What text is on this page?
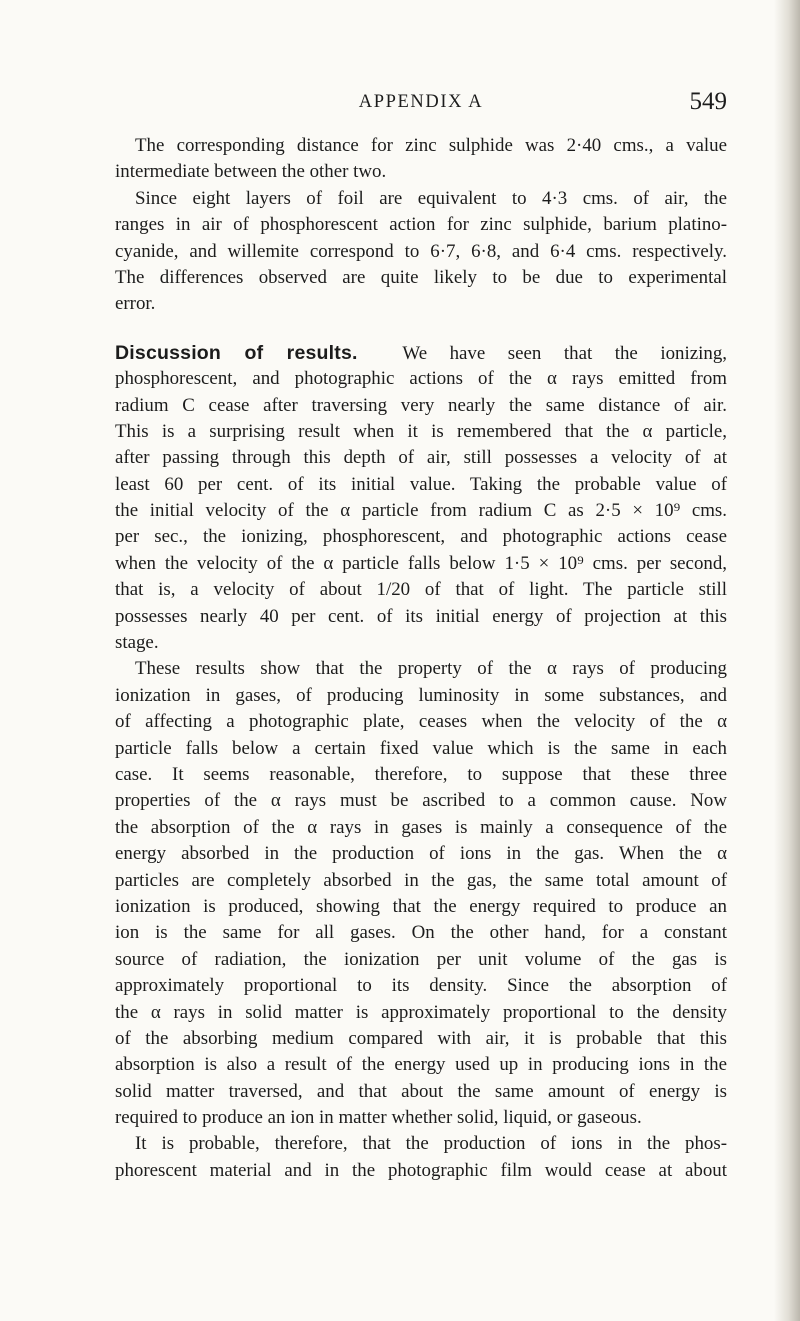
APPENDIX A	549
The corresponding distance for zinc sulphide was 2·40 cms., a value
intermediate between the other two.
Since eight layers of foil are equivalent to 4·3 cms. of air, the
ranges in air of phosphorescent action for zinc sulphide, barium platino-
cyanide, and willemite correspond to 6·7, 6·8, and 6·4 cms. respectively.
The differences observed are quite likely to be due to experimental
error.
Discussion of results. We have seen that the ionizing,
phosphorescent, and photographic actions of the α rays emitted from
radium C cease after traversing very nearly the same distance of air.
This is a surprising result when it is remembered that the α particle,
after passing through this depth of air, still possesses a velocity of at
least 60 per cent. of its initial value. Taking the probable value of
the initial velocity of the α particle from radium C as 2·5 × 10⁹ cms.
per sec., the ionizing, phosphorescent, and photographic actions cease
when the velocity of the α particle falls below 1·5 × 10⁹ cms. per second,
that is, a velocity of about 1/20 of that of light. The particle still
possesses nearly 40 per cent. of its initial energy of projection at this
stage.
These results show that the property of the α rays of producing
ionization in gases, of producing luminosity in some substances, and
of affecting a photographic plate, ceases when the velocity of the α
particle falls below a certain fixed value which is the same in each
case. It seems reasonable, therefore, to suppose that these three
properties of the α rays must be ascribed to a common cause. Now
the absorption of the α rays in gases is mainly a consequence of the
energy absorbed in the production of ions in the gas. When the α
particles are completely absorbed in the gas, the same total amount of
ionization is produced, showing that the energy required to produce an
ion is the same for all gases. On the other hand, for a constant
source of radiation, the ionization per unit volume of the gas is
approximately proportional to its density. Since the absorption of
the α rays in solid matter is approximately proportional to the density
of the absorbing medium compared with air, it is probable that this
absorption is also a result of the energy used up in producing ions in the
solid matter traversed, and that about the same amount of energy is
required to produce an ion in matter whether solid, liquid, or gaseous.
It is probable, therefore, that the production of ions in the phos-
phorescent material and in the photographic film would cease at about
